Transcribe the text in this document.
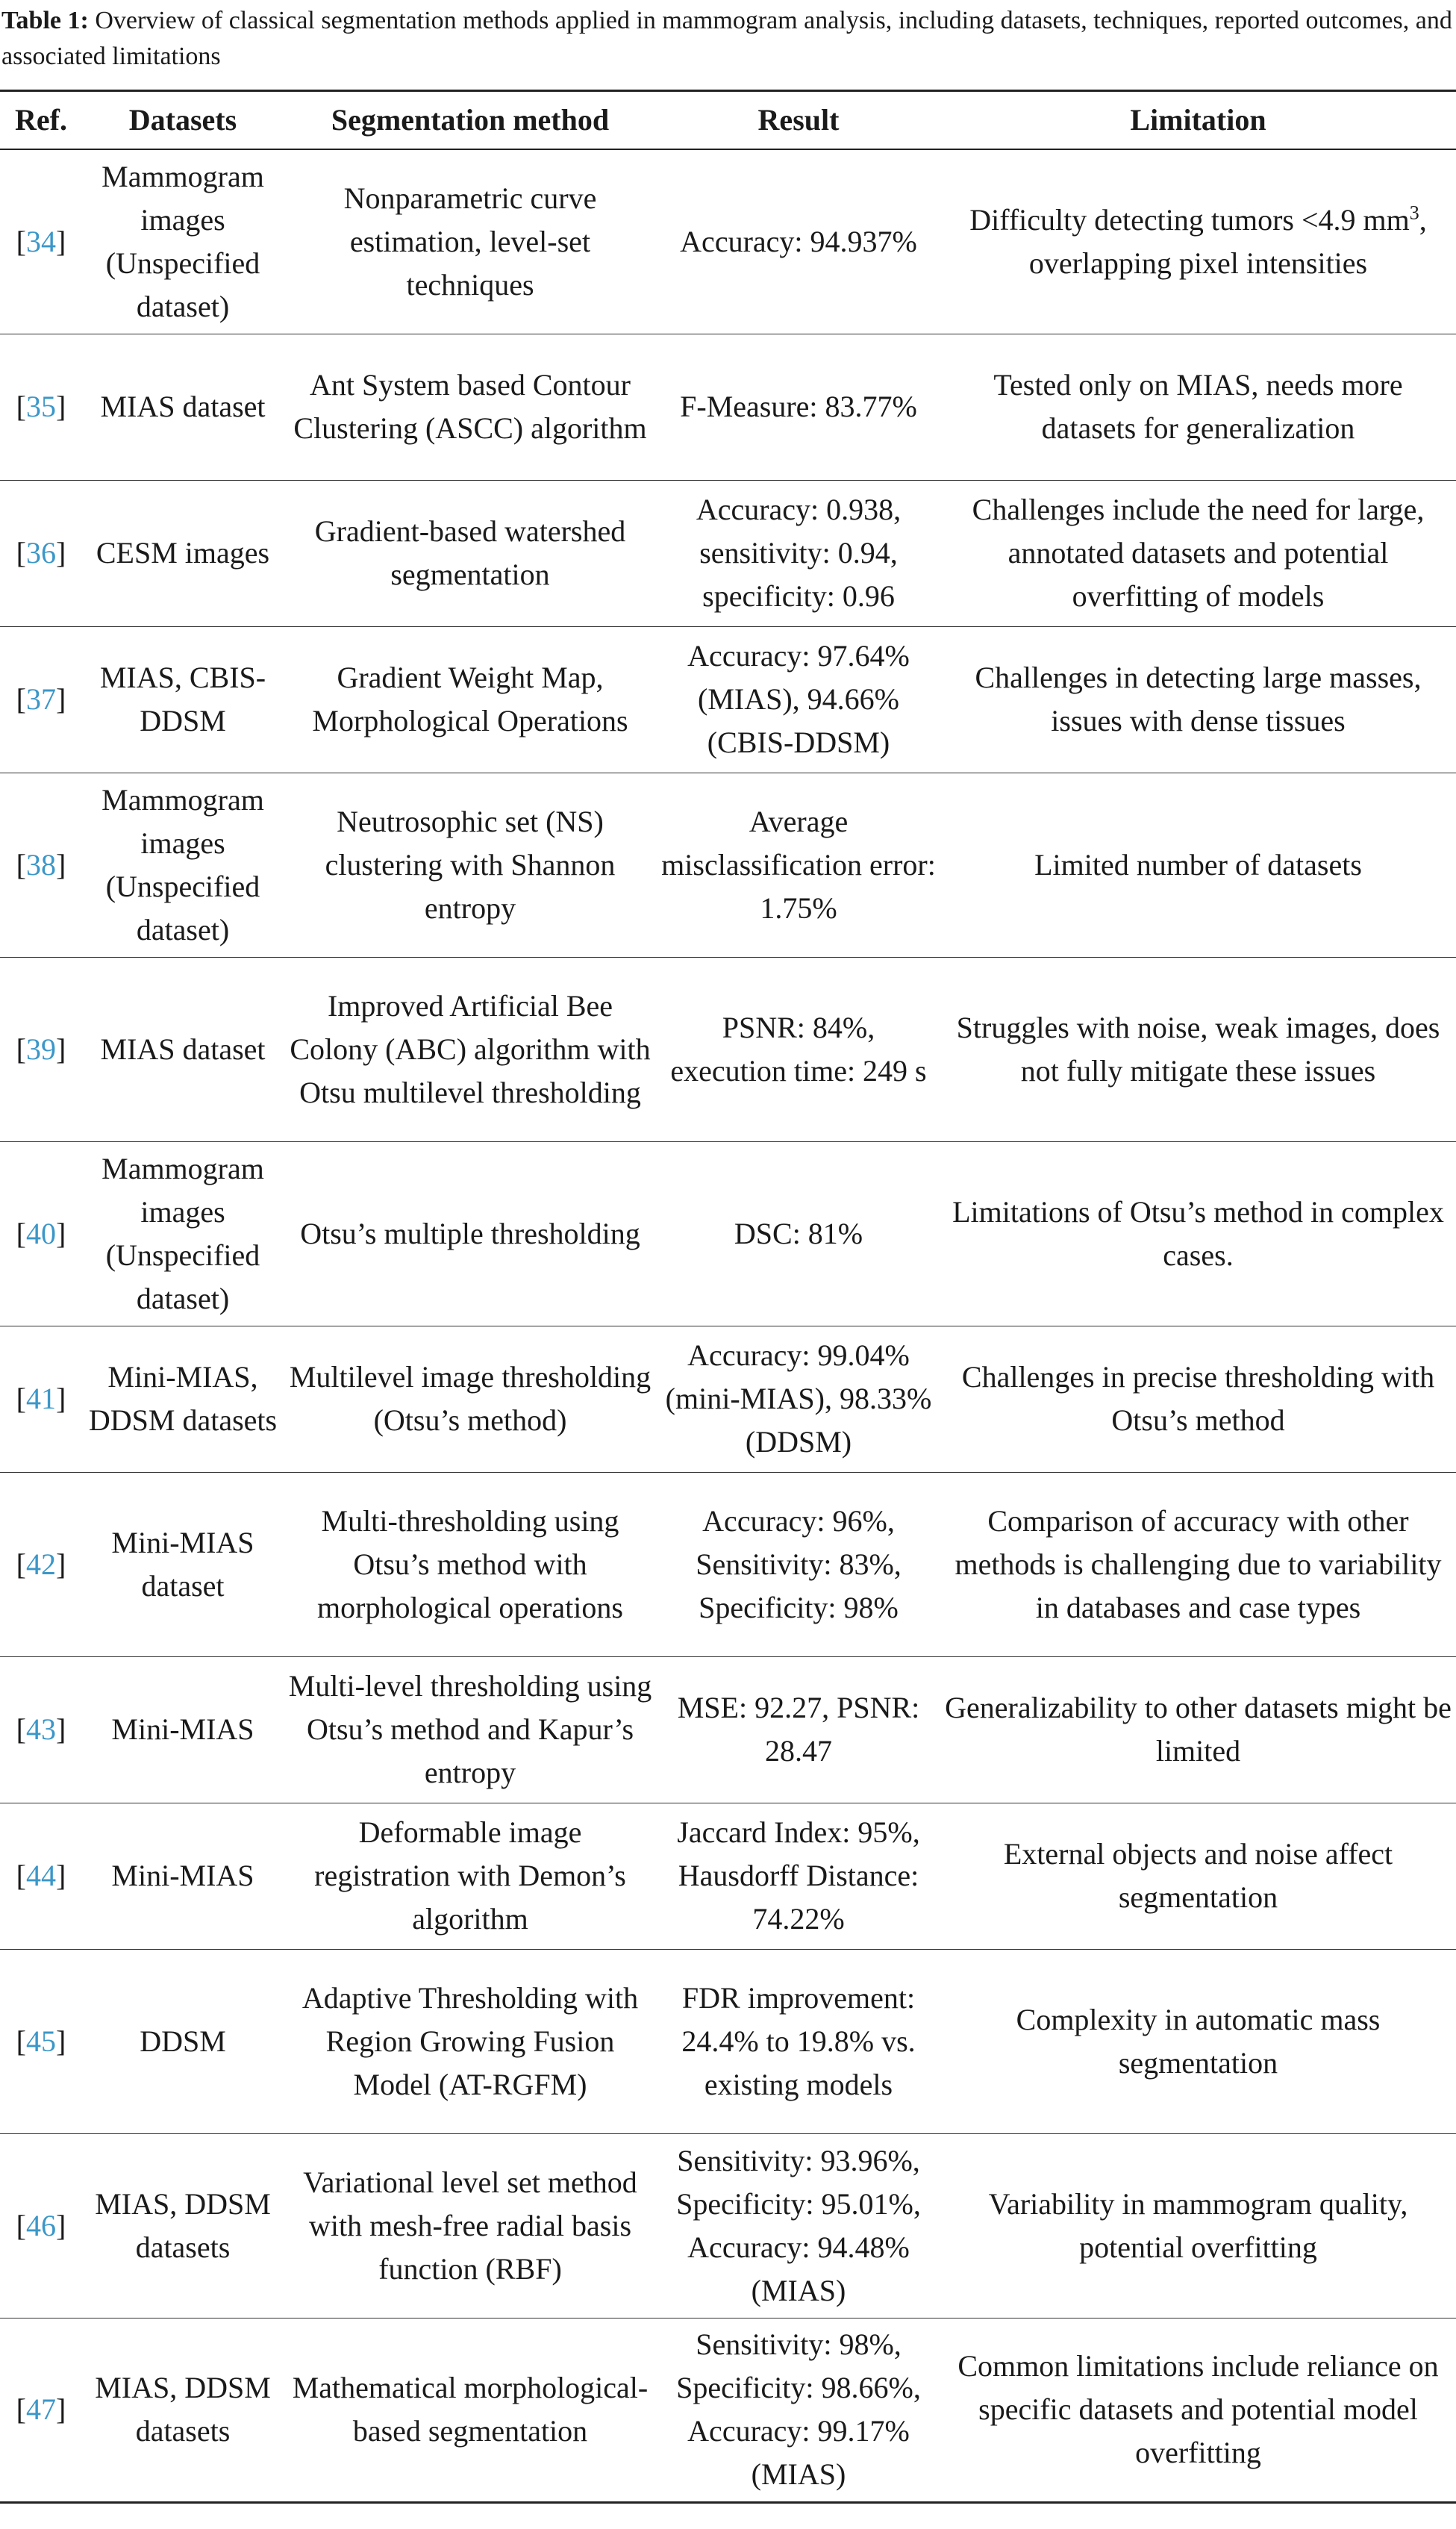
Table 1: Overview of classical segmentation methods applied in mammogram analysis, including datasets, techniques, reported outcomes, and associated limitations
Ref.	Datasets	Segmentation method	Result	Limitation
[34]	Mammogram images (Unspecified dataset)	Nonparametric curve estimation, level-set techniques	Accuracy: 94.937%	Difficulty detecting tumors <4.9 $mm^3$, overlapping pixel intensities
[35]	MIAS dataset	Ant System based Contour Clustering (ASCC) algorithm	F-Measure: 83.77%	Tested only on MIAS, needs more datasets for generalization
[36]	CESM images	Gradient-based watershed segmentation	Accuracy: 0.938, sensitivity: 0.94, specificity: 0.96	Challenges include the need for large, annotated datasets and potential overfitting of models
[37]	MIAS, CBIS-DDSM	Gradient Weight Map, Morphological Operations	Accuracy: 97.64% (MIAS), 94.66% (CBIS-DDSM)	Challenges in detecting large masses, issues with dense tissues
[38]	Mammogram images (Unspecified dataset)	Neutrosophic set (NS) clustering with Shannon entropy	Average misclassification error: 1.75%	Limited number of datasets
[39]	MIAS dataset	Improved Artificial Bee Colony (ABC) algorithm with Otsu multilevel thresholding	PSNR: 84%, execution time: 249 s	Struggles with noise, weak images, does not fully mitigate these issues
[40]	Mammogram images (Unspecified dataset)	Otsu’s multiple thresholding	DSC: 81%	Limitations of Otsu’s method in complex cases.
[41]	Mini-MIAS, DDSM datasets	Multilevel image thresholding (Otsu’s method)	Accuracy: 99.04% (mini-MIAS), 98.33% (DDSM)	Challenges in precise thresholding with Otsu’s method
[42]	Mini-MIAS dataset	Multi-thresholding using Otsu’s method with morphological operations	Accuracy: 96%, Sensitivity: 83%, Specificity: 98%	Comparison of accuracy with other methods is challenging due to variability in databases and case types
[43]	Mini-MIAS	Multi-level thresholding using Otsu’s method and Kapur’s entropy	MSE: 92.27, PSNR: 28.47	Generalizability to other datasets might be limited
[44]	Mini-MIAS	Deformable image registration with Demon’s algorithm	Jaccard Index: 95%, Hausdorff Distance: 74.22%	External objects and noise affect segmentation
[45]	DDSM	Adaptive Thresholding with Region Growing Fusion Model (AT-RGFM)	FDR improvement: 24.4% to 19.8% vs. existing models	Complexity in automatic mass segmentation
[46]	MIAS, DDSM datasets	Variational level set method with mesh-free radial basis function (RBF)	Sensitivity: 93.96%, Specificity: 95.01%, Accuracy: 94.48% (MIAS)	Variability in mammogram quality, potential overfitting
[47]	MIAS, DDSM datasets	Mathematical morphological-based segmentation	Sensitivity: 98%, Specificity: 98.66%, Accuracy: 99.17% (MIAS)	Common limitations include reliance on specific datasets and potential model overfitting
